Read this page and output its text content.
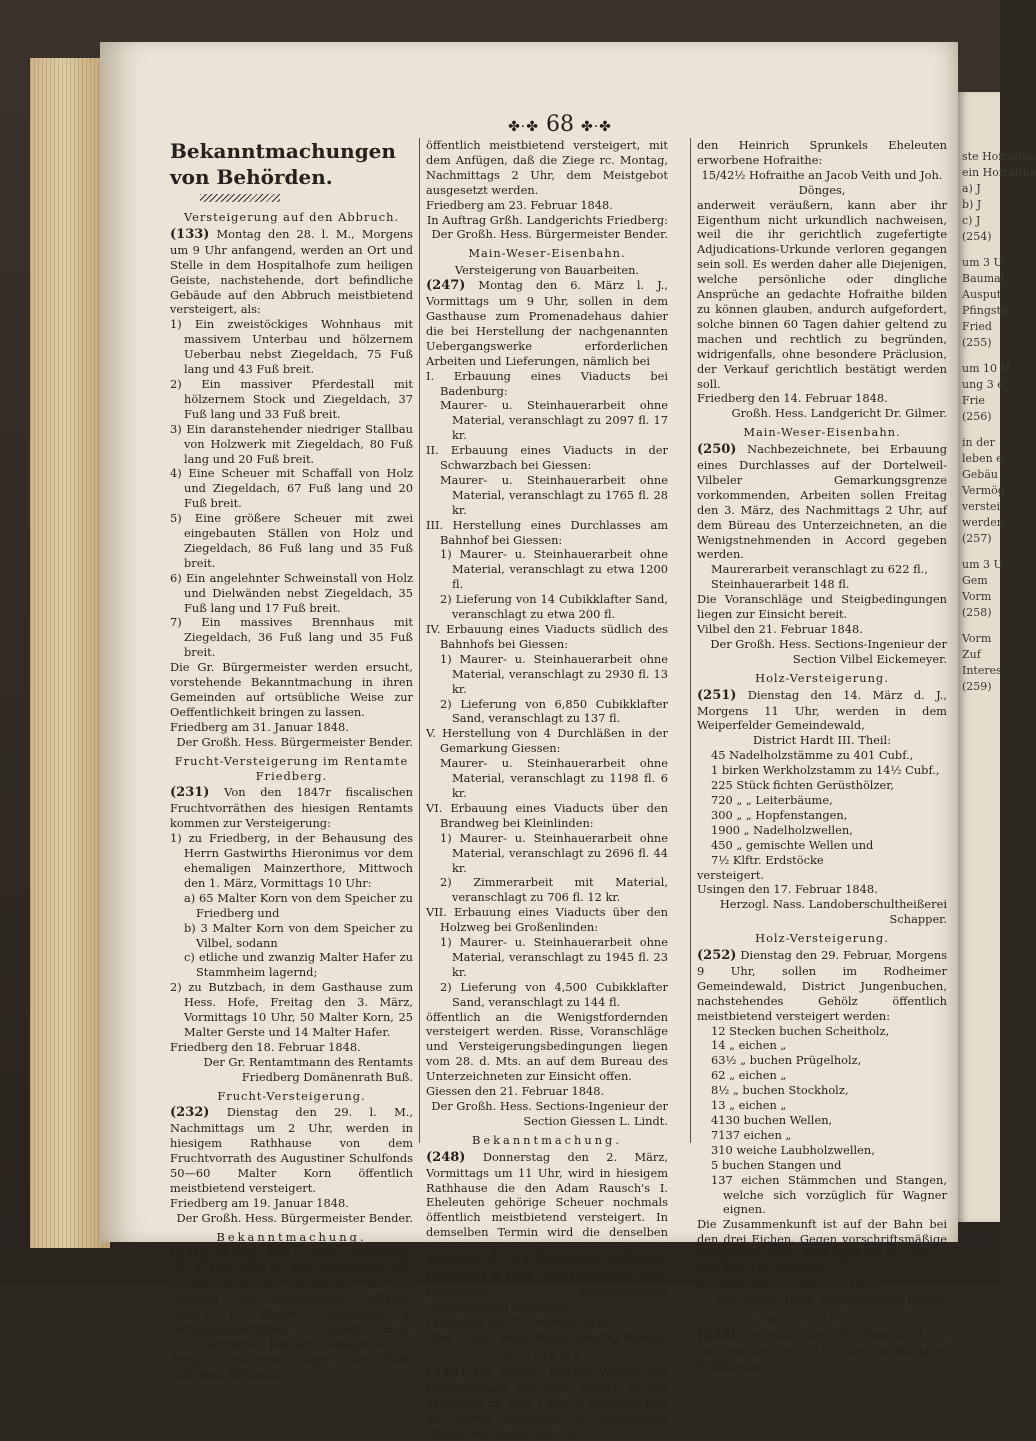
ste Hofraithe
ein Hofraithe
a) J
b) J
c) J
(254)
um 3 U
Baumat
Ausput
Pfingstb
Fried
(255)
um 10 U
ung 3 e
Frie
(256)
in der
leben e
Gebäu
Vermög
verstei
werden
(257)
um 3 U
Gem
Vorm
(258)
Vorm
Zuf
Interes
(259)
✤·✤ 68 ✤·✤

Bekanntmachungen von Behörden.

Versteigerung auf den Abbruch.

(133) Montag den 28. l. M., Morgens um 9 Uhr anfangend, werden an Ort und Stelle in dem Hospitalhofe zum heiligen Geiste, nachstehende, dort befindliche Gebäude auf den Abbruch meistbietend versteigert, als:

1) Ein zweistöckiges Wohnhaus mit massivem Unterbau und hölzernem Ueberbau nebst Ziegeldach, 75 Fuß lang und 43 Fuß breit.

2) Ein massiver Pferdestall mit hölzernem Stock und Ziegeldach, 37 Fuß lang und 33 Fuß breit.

3) Ein daranstehender niedriger Stallbau von Holzwerk mit Ziegeldach, 80 Fuß lang und 20 Fuß breit.

4) Eine Scheuer mit Schaffall von Holz und Ziegeldach, 67 Fuß lang und 20 Fuß breit.

5) Eine größere Scheuer mit zwei eingebauten Ställen von Holz und Ziegeldach, 86 Fuß lang und 35 Fuß breit.

6) Ein angelehnter Schweinstall von Holz und Dielwänden nebst Ziegeldach, 35 Fuß lang und 17 Fuß breit.

7) Ein massives Brennhaus mit Ziegeldach, 36 Fuß lang und 35 Fuß breit.

Die Gr. Bürgermeister werden ersucht, vorstehende Bekanntmachung in ihren Gemeinden auf ortsübliche Weise zur Oeffentlichkeit bringen zu lassen.

Friedberg am 31. Januar 1848.

Der Großh. Hess. Bürgermeister Bender.

Frucht-Versteigerung im Rentamte Friedberg.

(231) Von den 1847r fiscalischen Fruchtvorräthen des hiesigen Rentamts kommen zur Versteigerung:

1) zu Friedberg, in der Behausung des Herrn Gastwirths Hieronimus vor dem ehemaligen Mainzerthore, Mittwoch den 1. März, Vormittags 10 Uhr:

a) 65 Malter Korn von dem Speicher zu Friedberg und

b) 3 Malter Korn von dem Speicher zu Vilbel, sodann

c) etliche und zwanzig Malter Hafer zu Stammheim lagernd;

2) zu Butzbach, in dem Gasthause zum Hess. Hofe, Freitag den 3. März, Vormittags 10 Uhr, 50 Malter Korn, 25 Malter Gerste und 14 Malter Hafer.

Friedberg den 18. Februar 1848.

Der Gr. Rentamtmann des Rentamts Friedberg Domänenrath Buß.

Frucht-Versteigerung.

(232) Dienstag den 29. l. M., Nachmittags um 2 Uhr, werden in hiesigem Rathhause von dem Fruchtvorrath des Augustiner Schulfonds 50—60 Malter Korn öffentlich meistbietend versteigert.

Friedberg am 19. Januar 1848.

Der Großh. Hess. Bürgermeister Bender.

Bekanntmachung.

(246) Montag den 6. März, Vormittags um 9 Uhr, wird in dem Gasthause zum goldenen Faß am Fauerbacher Thor der Nachlaß der verstorbenen Wilhelm Reuß's 1. Wittwe, bestehend in Metallgegenständen, Porzellain, Holz- und Bettwerk, Kleider, Weißgeräth u. dergl., sowie einer Ziege, einem Hahn und neun Hühnern,

öffentlich meistbietend versteigert, mit dem Anfügen, daß die Ziege rc. Montag, Nachmittags 2 Uhr, dem Meistgebot ausgesetzt werden.

Friedberg am 23. Februar 1848.

In Auftrag Grßh. Landgerichts Friedberg: Der Großh. Hess. Bürgermeister Bender.

Main-Weser-Eisenbahn.

Versteigerung von Bauarbeiten.

(247) Montag den 6. März l. J., Vormittags um 9 Uhr, sollen in dem Gasthause zum Promenadehaus dahier die bei Herstellung der nachgenannten Uebergangswerke erforderlichen Arbeiten und Lieferungen, nämlich bei

I. Erbauung eines Viaducts bei Badenburg:

Maurer- u. Steinhauerarbeit ohne Material, veranschlagt zu 2097 fl. 17 kr.

II. Erbauung eines Viaducts in der Schwarzbach bei Giessen:

Maurer- u. Steinhauerarbeit ohne Material, veranschlagt zu 1765 fl. 28 kr.

III. Herstellung eines Durchlasses am Bahnhof bei Giessen:

1) Maurer- u. Steinhauerarbeit ohne Material, veranschlagt zu etwa 1200 fl.

2) Lieferung von 14 Cubikklafter Sand, veranschlagt zu etwa 200 fl.

IV. Erbauung eines Viaducts südlich des Bahnhofs bei Giessen:

1) Maurer- u. Steinhauerarbeit ohne Material, veranschlagt zu 2930 fl. 13 kr.

2) Lieferung von 6,850 Cubikklafter Sand, veranschlagt zu 137 fl.

V. Herstellung von 4 Durchläßen in der Gemarkung Giessen:

Maurer- u. Steinhauerarbeit ohne Material, veranschlagt zu 1198 fl. 6 kr.

VI. Erbauung eines Viaducts über den Brandweg bei Kleinlinden:

1) Maurer- u. Steinhauerarbeit ohne Material, veranschlagt zu 2696 fl. 44 kr.

2) Zimmerarbeit mit Material, veranschlagt zu 706 fl. 12 kr.

VII. Erbauung eines Viaducts über den Holzweg bei Großenlinden:

1) Maurer- u. Steinhauerarbeit ohne Material, veranschlagt zu 1945 fl. 23 kr.

2) Lieferung von 4,500 Cubikklafter Sand, veranschlagt zu 144 fl.

öffentlich an die Wenigstfordernden versteigert werden. Risse, Voranschläge und Versteigerungsbedingungen liegen vom 28. d. Mts. an auf dem Bureau des Unterzeichneten zur Einsicht offen.

Giessen den 21. Februar 1848.

Der Großh. Hess. Sections-Ingenieur der Section Giessen L. Lindt.

Bekanntmachung.

(248) Donnerstag den 2. März, Vormittags um 11 Uhr, wird in hiesigem Rathhause die den Adam Rausch's I. Eheleuten gehörige Scheuer nochmals öffentlich meistbietend versteigert. In demselben Termin wird die denselben Eheleuten gehörende, in der frequenten Schirnstraße sich befindliche Hofraithe, bestehend in Back- und Wohnhaus, einer freiwilligen, meistbietenden Versteigerung ausgesetzt.

Friedberg am 23. Februar 1848.

Der Großh. Hess. Bürgermeister Bender.

Proclama.

(249) Die Philipp Liebich Wittwe von Oberwöllstadt will ihren Antheil an der angeblich im Jahr 1829 in Gemeinschaft mit ihrem Ehemann bei öffentlicher Zwangsversteigerung von

den Heinrich Sprunkels Eheleuten erworbene Hofraithe:

15/42½ Hofraithe an Jacob Veith und Joh. Dönges,

anderweit veräußern, kann aber ihr Eigenthum nicht urkundlich nachweisen, weil die ihr gerichtlich zugefertigte Adjudications-Urkunde verloren gegangen sein soll. Es werden daher alle Diejenigen, welche persönliche oder dingliche Ansprüche an gedachte Hofraithe bilden zu können glauben, andurch aufgefordert, solche binnen 60 Tagen dahier geltend zu machen und rechtlich zu begründen, widrigenfalls, ohne besondere Präclusion, der Verkauf gerichtlich bestätigt werden soll.

Friedberg den 14. Februar 1848.

Großh. Hess. Landgericht Dr. Gilmer.

Main-Weser-Eisenbahn.

(250) Nachbezeichnete, bei Erbauung eines Durchlasses auf der Dortelweil-Vilbeler Gemarkungsgrenze vorkommenden, Arbeiten sollen Freitag den 3. März, des Nachmittags 2 Uhr, auf dem Büreau des Unterzeichneten, an die Wenigstnehmenden in Accord gegeben werden.

Maurerarbeit veranschlagt zu 622 fl.,

Steinhauerarbeit 148 fl.

Die Voranschläge und Steigbedingungen liegen zur Einsicht bereit.

Vilbel den 21. Februar 1848.

Der Großh. Hess. Sections-Ingenieur der Section Vilbel Eickemeyer.

Holz-Versteigerung.

(251) Dienstag den 14. März d. J., Morgens 11 Uhr, werden in dem Weiperfelder Gemeindewald,

District Hardt III. Theil:

45 Nadelholzstämme zu 401 Cubf.,

1 birken Werkholzstamm zu 14½ Cubf.,

225 Stück fichten Gerüsthölzer,

720 „ „ Leiterbäume,

300 „ „ Hopfenstangen,

1900 „ Nadelholzwellen,

450 „ gemischte Wellen und

7½ Klftr. Erdstöcke

versteigert.

Usingen den 17. Februar 1848.

Herzogl. Nass. Landoberschultheißerei Schapper.

Holz-Versteigerung.

(252) Dienstag den 29. Februar, Morgens 9 Uhr, sollen im Rodheimer Gemeindewald, District Jungenbuchen, nachstehendes Gehölz öffentlich meistbietend versteigert werden:

12 Stecken buchen Scheitholz,

14 „ eichen „

63½ „ buchen Prügelholz,

62 „ eichen „

8½ „ buchen Stockholz,

13 „ eichen „

4130 buchen Wellen,

7137 eichen „

310 weiche Laubholzwellen,

5 buchen Stangen und

137 eichen Stämmchen und Stangen, welche sich vorzüglich für Wagner eignen.

Die Zusammenkunft ist auf der Bahn bei den drei Eichen. Gegen vorschriftsmäßige Bürgschein wird Zahlungsfrist bis den 1. Oktober d. J. gestattet.

Rodheim den 22. Februar 1848.

Der Großh. Hess. Bürgermeister Jacobi.

Versteigerung.

(253) Dienstag den 29. Februar l. J., Nachmittags um 3 Uhr, wird in hiesigem Rathhause
